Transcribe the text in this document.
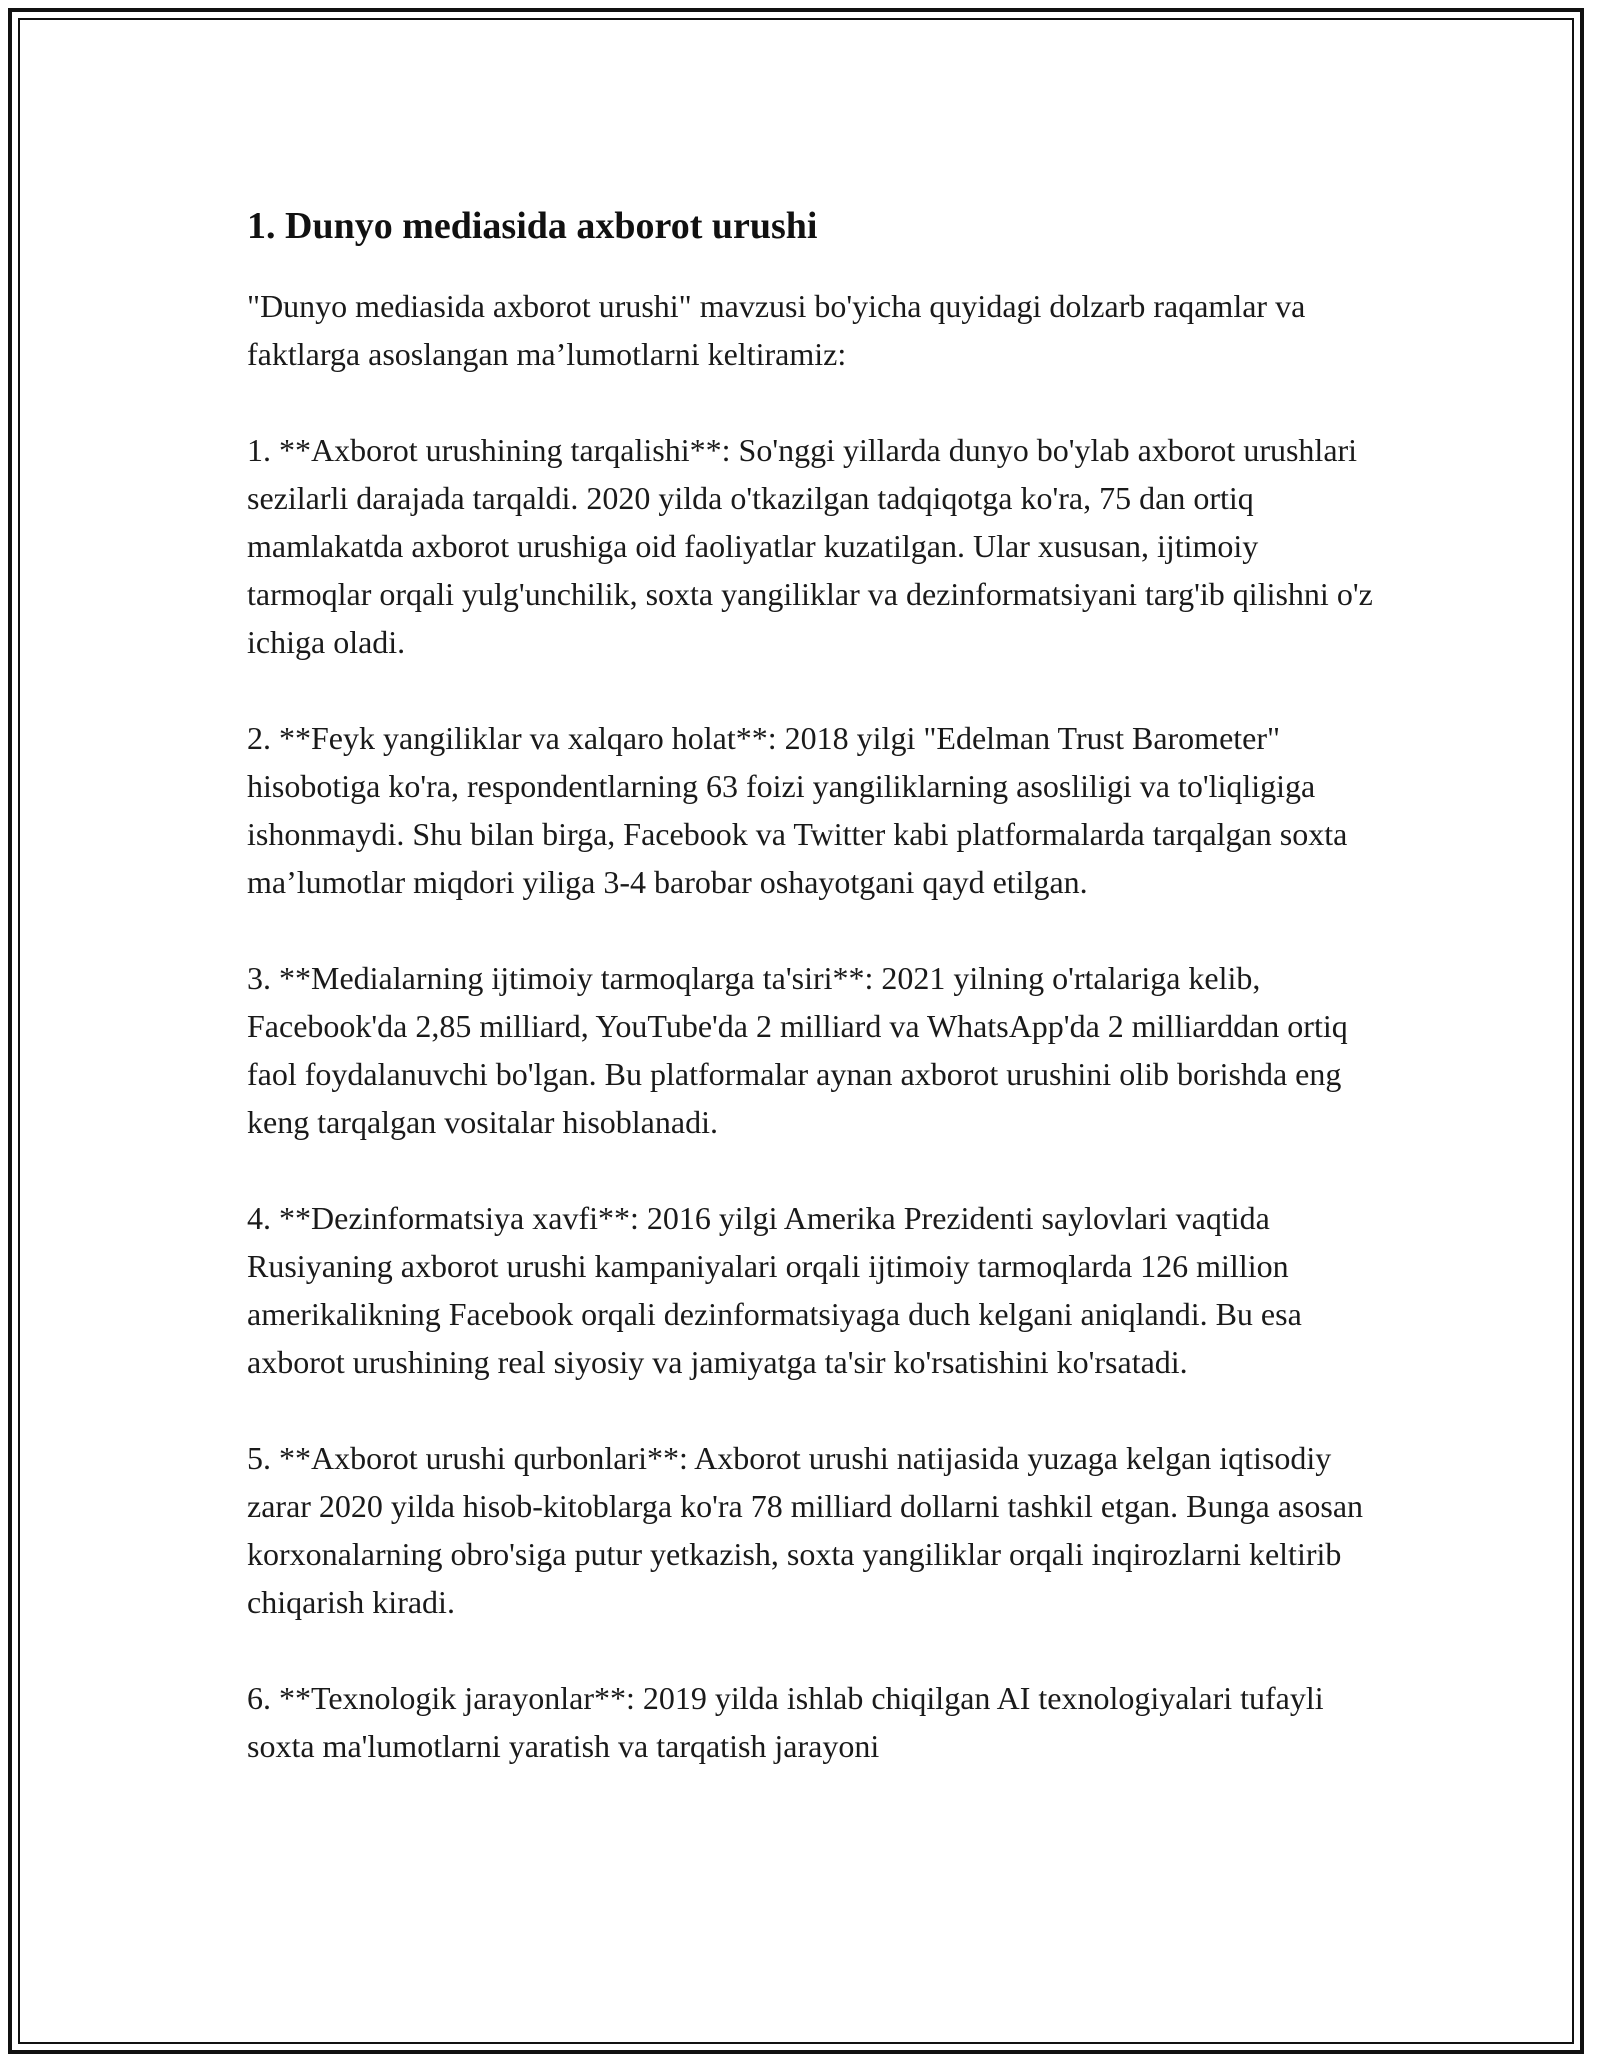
1. Dunyo mediasida axborot urushi

"Dunyo mediasida axborot urushi" mavzusi bo'yicha quyidagi dolzarb raqamlar va faktlarga asoslangan ma’lumotlarni keltiramiz:

1. **Axborot urushining tarqalishi**: So'nggi yillarda dunyo bo'ylab axborot urushlari sezilarli darajada tarqaldi. 2020 yilda o'tkazilgan tadqiqotga ko'ra, 75 dan ortiq mamlakatda axborot urushiga oid faoliyatlar kuzatilgan. Ular xususan, ijtimoiy tarmoqlar orqali yulg'unchilik, soxta yangiliklar va dezinformatsiyani targ'ib qilishni o'z ichiga oladi.

2. **Feyk yangiliklar va xalqaro holat**: 2018 yilgi "Edelman Trust Barometer" hisobotiga ko'ra, respondentlarning 63 foizi yangiliklarning asosliligi va to'liqligiga ishonmaydi. Shu bilan birga, Facebook va Twitter kabi platformalarda tarqalgan soxta ma’lumotlar miqdori yiliga 3-4 barobar oshayotgani qayd etilgan.

3. **Medialarning ijtimoiy tarmoqlarga ta'siri**: 2021 yilning o'rtalariga kelib, Facebook'da 2,85 milliard, YouTube'da 2 milliard va WhatsApp'da 2 milliarddan ortiq faol foydalanuvchi bo'lgan. Bu platformalar aynan axborot urushini olib borishda eng keng tarqalgan vositalar hisoblanadi.

4. **Dezinformatsiya xavfi**: 2016 yilgi Amerika Prezidenti saylovlari vaqtida Rusiyaning axborot urushi kampaniyalari orqali ijtimoiy tarmoqlarda 126 million amerikalikning Facebook orqali dezinformatsiyaga duch kelgani aniqlandi. Bu esa axborot urushining real siyosiy va jamiyatga ta'sir ko'rsatishini ko'rsatadi.

5. **Axborot urushi qurbonlari**: Axborot urushi natijasida yuzaga kelgan iqtisodiy zarar 2020 yilda hisob-kitoblarga ko'ra 78 milliard dollarni tashkil etgan. Bunga asosan korxonalarning obro'siga putur yetkazish, soxta yangiliklar orqali inqirozlarni keltirib chiqarish kiradi.

6. **Texnologik jarayonlar**: 2019 yilda ishlab chiqilgan AI texnologiyalari tufayli soxta ma'lumotlarni yaratish va tarqatish jarayoni
